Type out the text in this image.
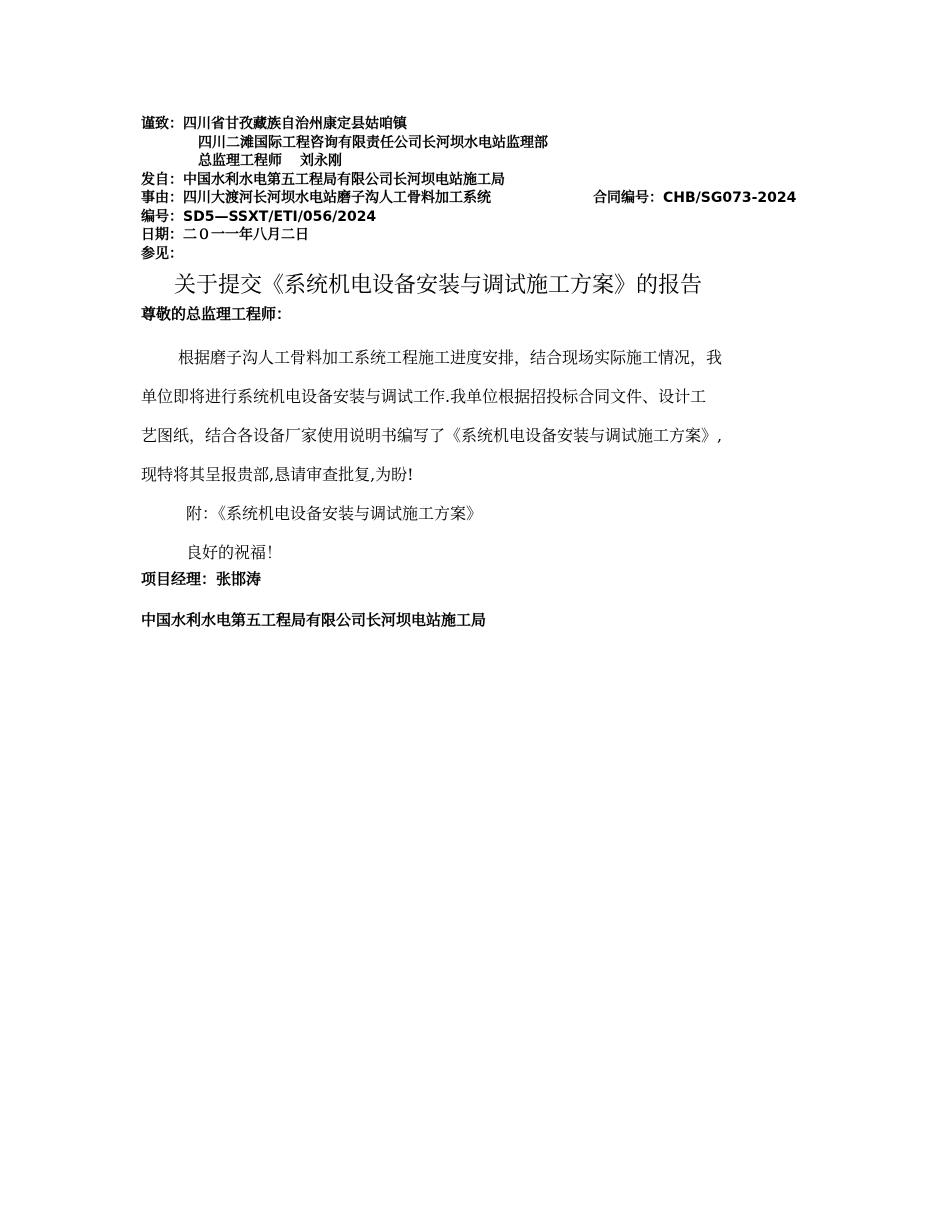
谨致：四川省甘孜藏族自治州康定县姑咱镇
四川二滩国际工程咨询有限责任公司长河坝水电站监理部
总监理工程师 刘永刚
发自：中国水利水电第五工程局有限公司长河坝电站施工局
事由：四川大渡河长河坝水电站磨子沟人工骨料加工系统	合同编号：CHB/SG073-2024
编号：SD5—SSXT/ETI/056/2024
日期：二０一一年八月二日
参见：
关于提交《系统机电设备安装与调试施工方案》的报告
尊敬的总监理工程师：
根据磨子沟人工骨料加工系统工程施工进度安排，结合现场实际施工情况，我
单位即将进行系统机电设备安装与调试工作.我单位根据招投标合同文件、设计工
艺图纸，结合各设备厂家使用说明书编写了《系统机电设备安装与调试施工方案》,
现特将其呈报贵部,恳请审查批复,为盼!
附：《系统机电设备安装与调试施工方案》
良好的祝福！
项目经理：张邯涛
中国水利水电第五工程局有限公司长河坝电站施工局
